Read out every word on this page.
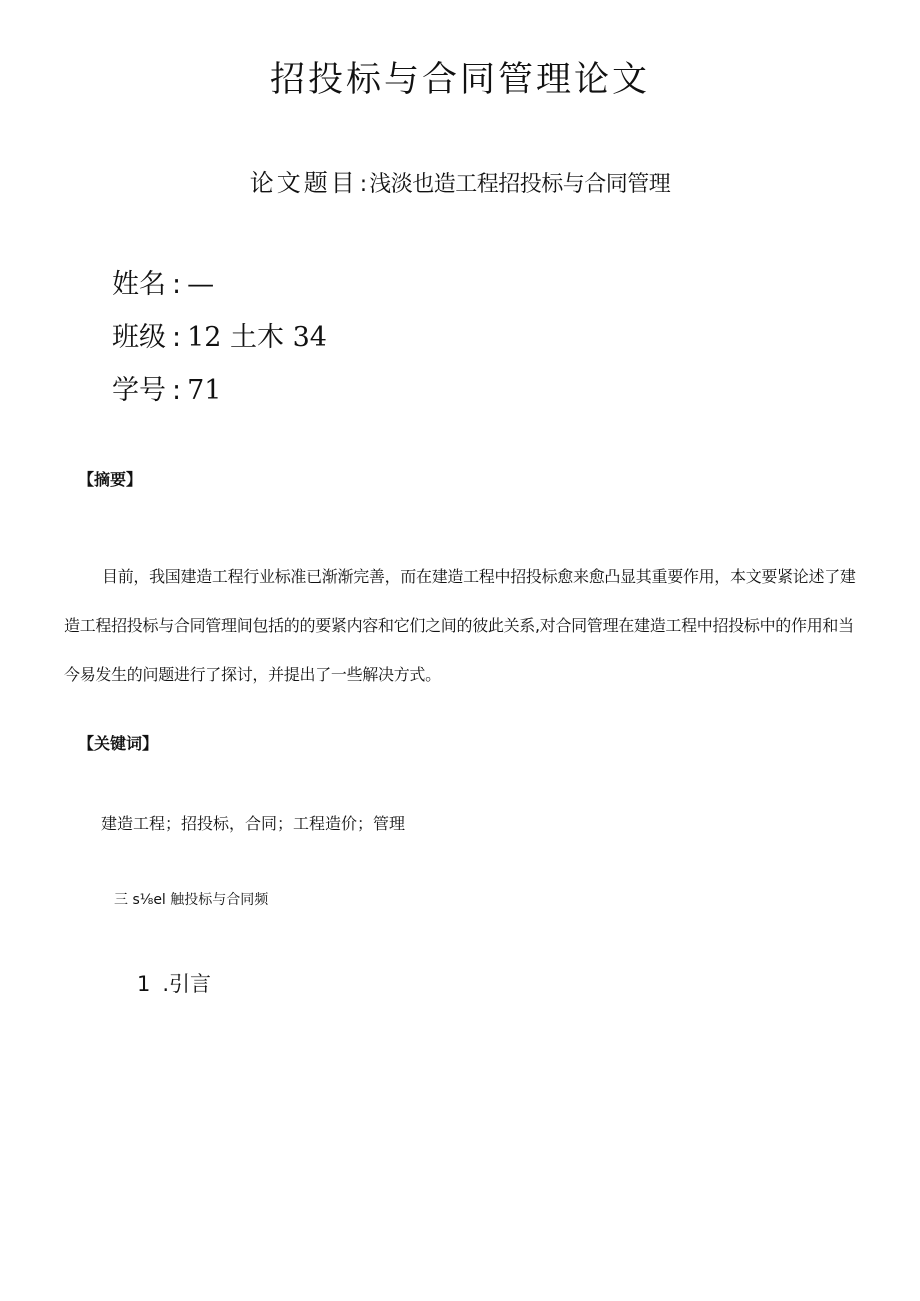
招投标与合同管理论文
论文题目:浅淡也造工程招投标与合同管理
姓名 : —
班级 : 12 土木 34
学号 : 71
【摘要】
目前，我国建造工程行业标准已渐渐完善，而在建造工程中招投标愈来愈凸显其重要作用，本文要紧论述了建造工程招投标与合同管理间包括的的要紧内容和它们之间的彼此关系,对合同管理在建造工程中招投标中的作用和当今易发生的问题进行了探讨，并提出了一些解决方式。
【关键词】
建造工程；招投标，合同；工程造价；管理
三 s⅛el 触投标与合同频
1 .引言
